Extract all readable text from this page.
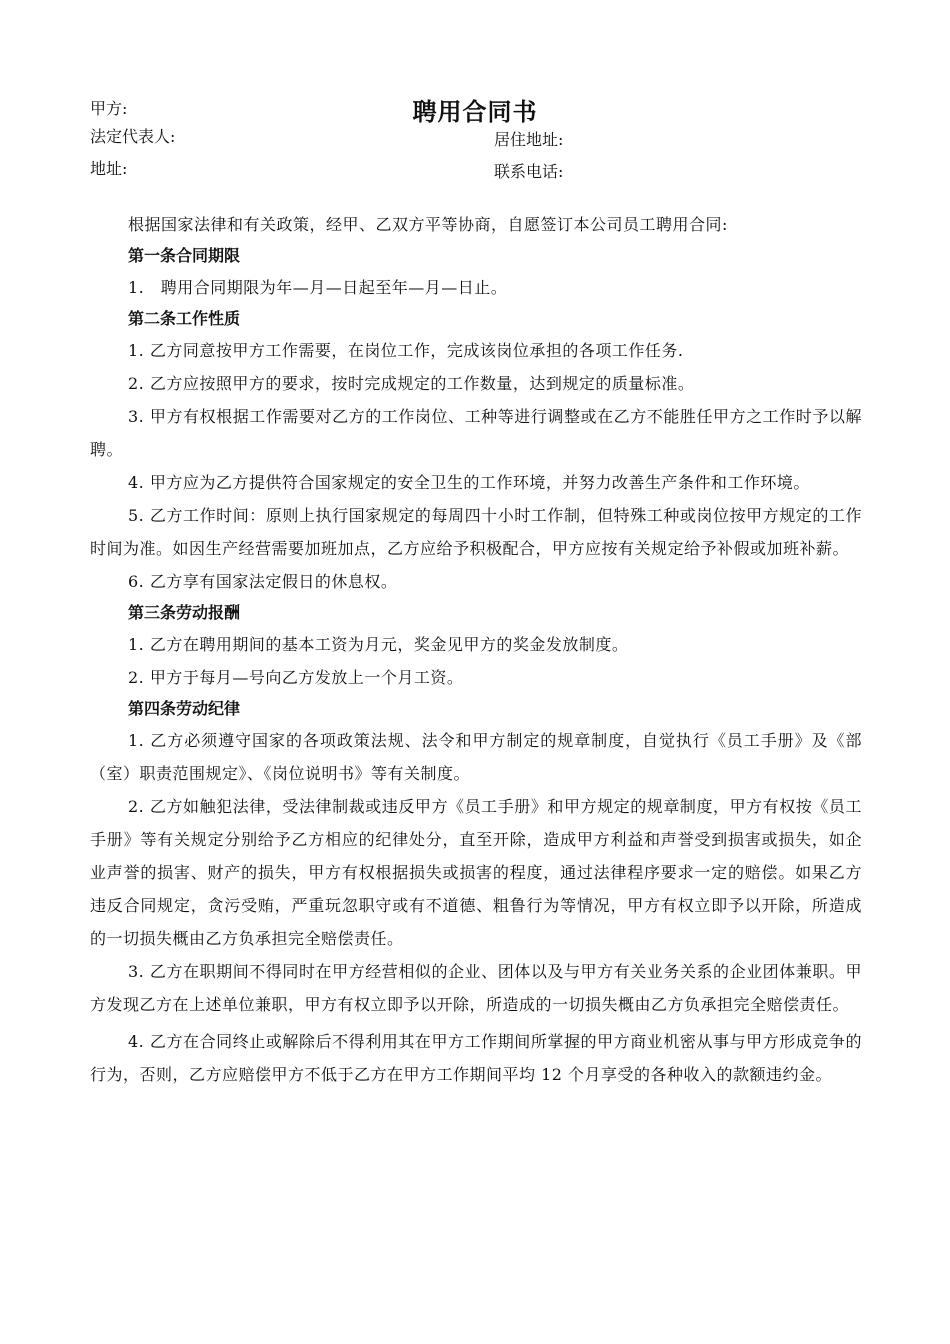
甲方:	聘用合同书
法定代表人:
地址:
居住地址:
联系电话:

根据国家法律和有关政策，经甲、乙双方平等协商，自愿签订本公司员工聘用合同:

第一条合同期限

1.　聘用合同期限为年—月—日起至年—月—日止。

第二条工作性质

1. 乙方同意按甲方工作需要，在岗位工作，完成该岗位承担的各项工作任务.

2. 乙方应按照甲方的要求，按时完成规定的工作数量，达到规定的质量标准。

3. 甲方有权根据工作需要对乙方的工作岗位、工种等进行调整或在乙方不能胜任甲方之工作时予以解聘。

4. 甲方应为乙方提供符合国家规定的安全卫生的工作环境，并努力改善生产条件和工作环境。

5. 乙方工作时间：原则上执行国家规定的每周四十小时工作制，但特殊工种或岗位按甲方规定的工作时间为准。如因生产经营需要加班加点，乙方应给予积极配合，甲方应按有关规定给予补假或加班补薪。

6. 乙方享有国家法定假日的休息权。

第三条劳动报酬

1. 乙方在聘用期间的基本工资为月元，奖金见甲方的奖金发放制度。

2. 甲方于每月—号向乙方发放上一个月工资。

第四条劳动纪律

1. 乙方必须遵守国家的各项政策法规、法令和甲方制定的规章制度，自觉执行《员工手册》及《部（室）职责范围规定》、《岗位说明书》等有关制度。

2. 乙方如触犯法律，受法律制裁或违反甲方《员工手册》和甲方规定的规章制度，甲方有权按《员工手册》等有关规定分别给予乙方相应的纪律处分，直至开除，造成甲方利益和声誉受到损害或损失，如企业声誉的损害、财产的损失，甲方有权根据损失或损害的程度，通过法律程序要求一定的赔偿。如果乙方违反合同规定，贪污受贿，严重玩忽职守或有不道德、粗鲁行为等情况，甲方有权立即予以开除，所造成的一切损失概由乙方负承担完全赔偿责任。

3. 乙方在职期间不得同时在甲方经营相似的企业、团体以及与甲方有关业务关系的企业团体兼职。甲方发现乙方在上述单位兼职，甲方有权立即予以开除，所造成的一切损失概由乙方负承担完全赔偿责任。

4. 乙方在合同终止或解除后不得利用其在甲方工作期间所掌握的甲方商业机密从事与甲方形成竞争的行为，否则，乙方应赔偿甲方不低于乙方在甲方工作期间平均 12 个月享受的各种收入的款额违约金。
